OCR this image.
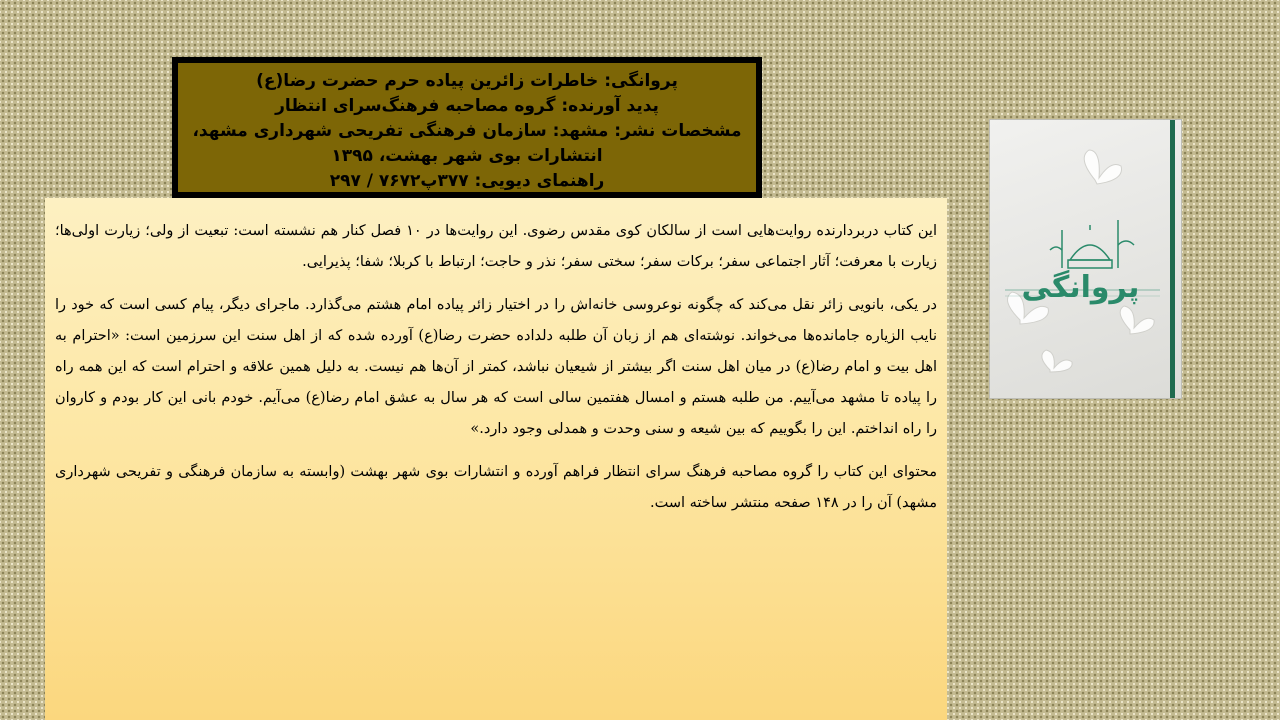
پروانگی: خاطرات زائرین پیاده حرم حضرت رضا(ع)
پدید آورنده: گروه مصاحبه فرهنگ‌سرای انتظار
مشخصات نشر: مشهد: سازمان فرهنگی تفریحی شهرداری مشهد،
انتشارات بوی شهر بهشت، ۱۳۹۵
راهنمای دیویی: ۳۷۷پ۷۶۷۲ / ۲۹۷

این کتاب دربردارنده روایت‌هایی است از سالکان کوی مقدس رضوی. این روایت‌ها در ۱۰ فصل کنار هم نشسته است: تبعیت از ولی؛ زیارت اولی‌ها؛ زیارت با معرفت؛ آثار اجتماعی سفر؛ برکات سفر؛ سختی سفر؛ نذر و حاجت؛ ارتباط با کربلا؛ شفا؛ پذیرایی.

در یکی، بانویی زائر نقل می‌کند که چگونه نوعروسی خانه‌اش را در اختیار زائر پیاده امام هشتم می‌گذارد. ماجرای دیگر، پیام کسی است که خود را نایب الزیاره جامانده‌ها می‌خواند. نوشته‌ای هم از زبان آن طلبه دلداده حضرت رضا(ع) آورده شده که از اهل سنت این سرزمین است: «احترام به اهل بیت و امام رضا(ع) در میان اهل سنت اگر بیشتر از شیعیان نباشد، کمتر از آن‌ها هم نیست. به دلیل همین علاقه و احترام است که این همه راه را پیاده تا مشهد می‌آییم. من طلبه هستم و امسال هفتمین سالی است که هر سال به عشق امام رضا(ع) می‌آیم. خودم بانی این کار بودم و کاروان را راه انداختم. این را بگوییم که بین شیعه و سنی وحدت و همدلی وجود دارد.»

محتوای این کتاب را گروه مصاحبه فرهنگ سرای انتظار فراهم آورده و انتشارات بوی شهر بهشت (وابسته به سازمان فرهنگی و تفریحی شهرداری مشهد) آن را در ۱۴۸ صفحه منتشر ساخته است.

پروانگی
